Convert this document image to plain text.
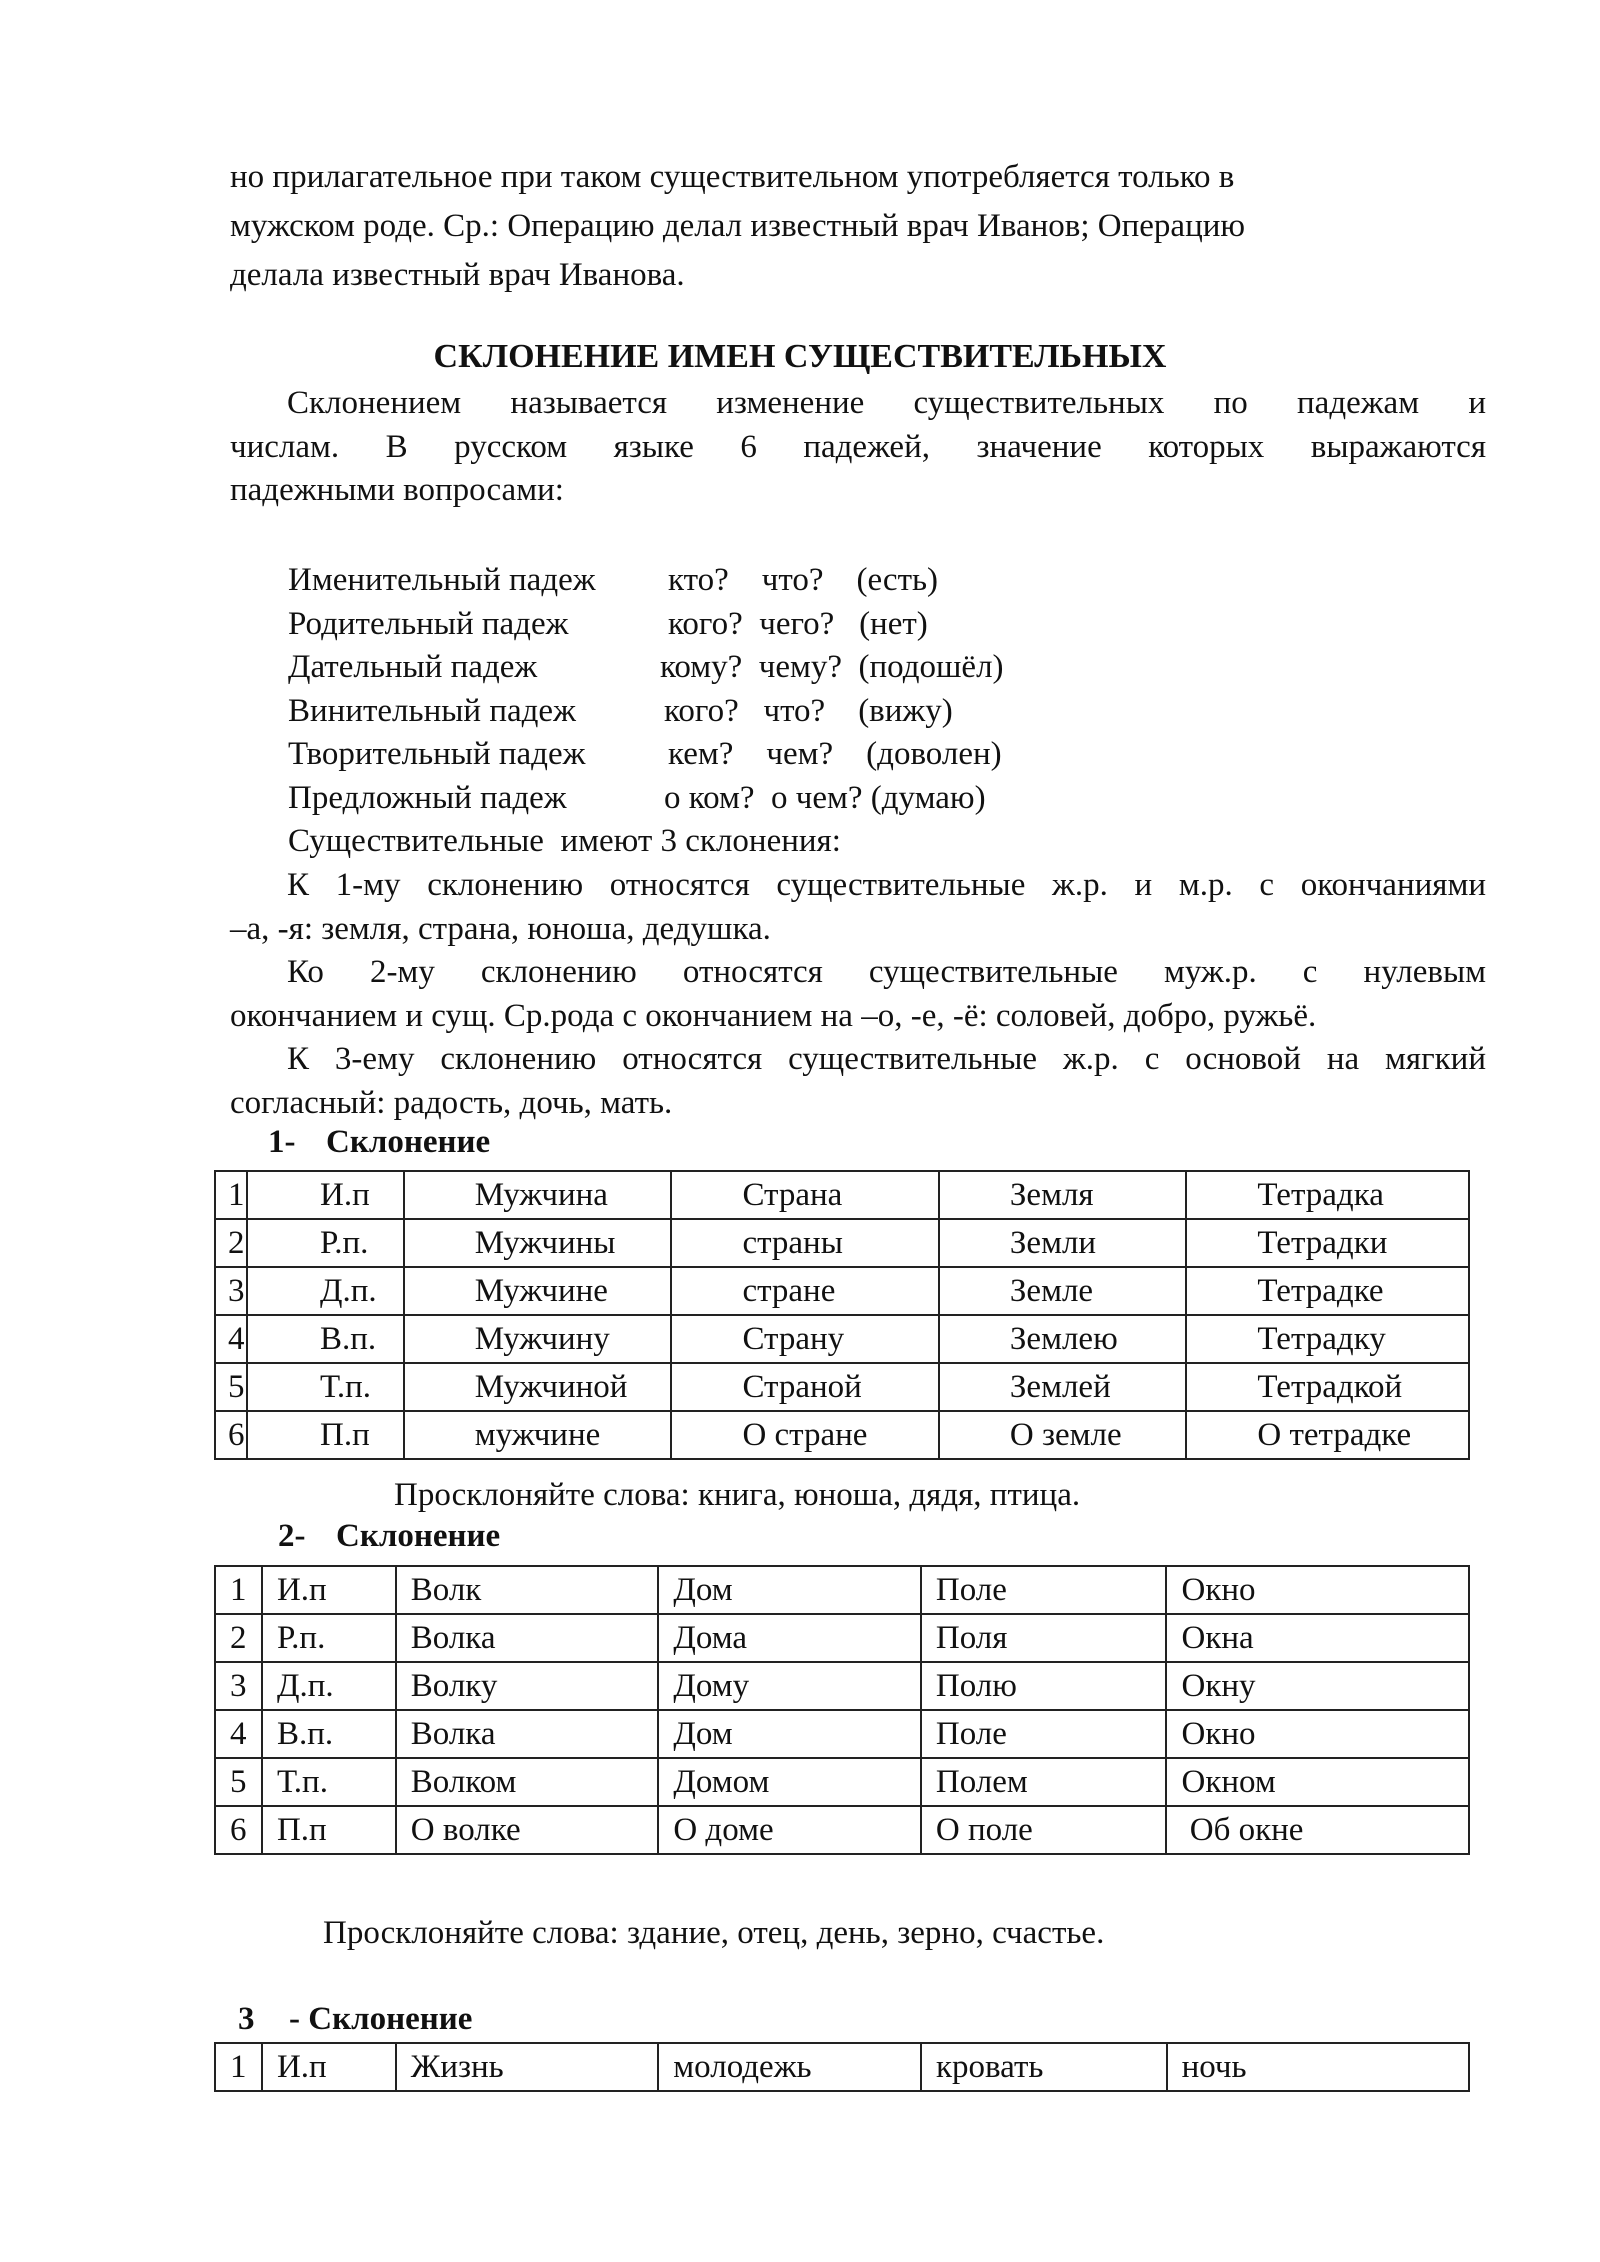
но прилагательное при таком существительном употребляется только в
мужском роде. Ср.: Операцию делал известный врач Иванов; Операцию
делала известный врач Иванова.
СКЛОНЕНИЕ ИМЕН СУЩЕСТВИТЕЛЬНЫХ
Склонением называется изменение существительных по падежам и
числам. В русском языке 6 падежей, значение которых выражаются
падежными вопросами:
Именительный падеж	кто?    что?    (есть)
Родительный падеж	кого?  чего?   (нет)
Дательный падеж	кому?  чему?  (подошёл)
Винительный падеж	кого?   что?    (вижу)
Творительный падеж	кем?    чем?    (доволен)
Предложный падеж	о ком?  о чем? (думаю)
Существительные  имеют 3 склонения:
К 1-му склонению относятся существительные ж.р. и м.р. с окончаниями
–а, -я: земля, страна, юноша, дедушка.
Ко 2-му склонению относятся существительные муж.р. с нулевым
окончанием и сущ. Ср.рода с окончанием на –о, -е, -ё: соловей, добро, ружьё.
К 3-ему склонению относятся существительные ж.р. с основой на мягкий
согласный: радость, дочь, мать.
1- Склонение
1	И.п	Мужчина	Страна	Земля	Тетрадка
2	Р.п.	Мужчины	страны	Земли	Тетрадки
3	Д.п.	Мужчине	стране	Земле	Тетрадке
4	В.п.	Мужчину	Страну	Землею	Тетрадку
5	Т.п.	Мужчиной	Страной	Землей	Тетрадкой
6	П.п	мужчине	О стране	О земле	О тетрадке
Просклоняйте слова: книга, юноша, дядя, птица.
2- Склонение
1	И.п	Волк	Дом	Поле	Окно
2	Р.п.	Волка	Дома	Поля	Окна
3	Д.п.	Волку	Дому	Полю	Окну
4	В.п.	Волка	Дом	Поле	Окно
5	Т.п.	Волком	Домом	Полем	Окном
6	П.п	О волке	О доме	О поле	Об окне
Просклоняйте слова: здание, отец, день, зерно, счастье.
3 - Склонение
1	И.п	Жизнь	молодежь	кровать	ночь
